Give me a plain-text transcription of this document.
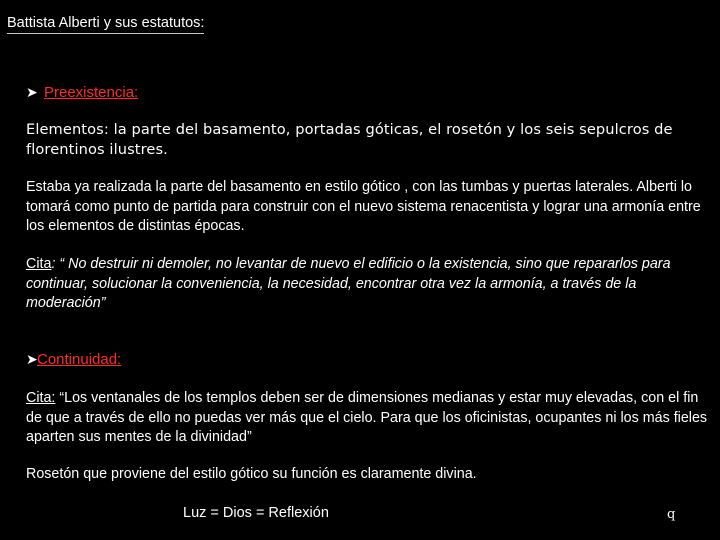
Battista Alberti y sus estatutos:
➤ Preexistencia:
Elementos: la parte del basamento, portadas góticas, el rosetón y los seis sepulcros de florentinos ilustres.
Estaba ya realizada la parte del basamento en estilo gótico , con las tumbas y puertas laterales. Alberti lo tomará como punto de partida para construir con el nuevo sistema renacentista y lograr una armonía entre los elementos de distintas épocas.
Cita: “ No destruir ni demoler, no levantar de nuevo el edificio o la existencia, sino que repararlos para continuar, solucionar la conveniencia, la necesidad, encontrar otra vez la armonía, a través de la moderación”
➤Continuidad:
Cita: “Los ventanales de los templos deben ser de dimensiones medianas y estar muy elevadas, con el fin de que a través de ello no puedas ver más que el cielo. Para que los oficinistas, ocupantes ni los más fieles aparten sus mentes de la divinidad”
Rosetón que proviene del estilo gótico su función es claramente divina.
Luz = Dios = Reflexión	q
